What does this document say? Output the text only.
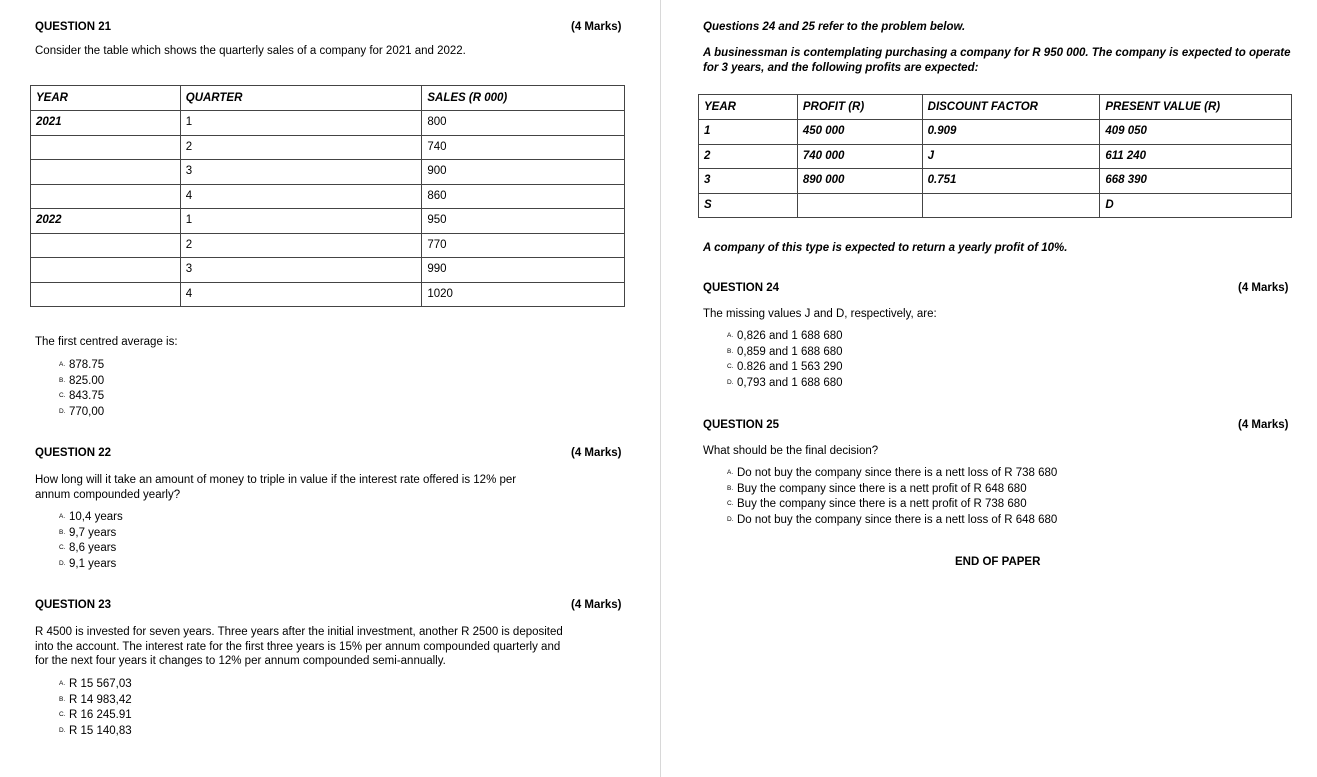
QUESTION 21	(4 Marks)
Consider the table which shows the quarterly sales of a company for 2021 and 2022.
YEAR	QUARTER	SALES (R 000)
2021	1	800
	2	740
	3	900
	4	860
2022	1	950
	2	770
	3	990
	4	1020
The first centred average is:
A. 878.75
B. 825.00
C. 843.75
D. 770,00
QUESTION 22	(4 Marks)
How long will it take an amount of money to triple in value if the interest rate offered is 12% per annum compounded yearly?
A. 10,4 years
B. 9,7 years
C. 8,6 years
D. 9,1 years
QUESTION 23	(4 Marks)
R 4500 is invested for seven years. Three years after the initial investment, another R 2500 is deposited into the account. The interest rate for the first three years is 15% per annum compounded quarterly and for the next four years it changes to 12% per annum compounded semi-annually.
A. R 15 567,03
B. R 14 983,42
C. R 16 245.91
D. R 15 140,83
Questions 24 and 25 refer to the problem below.
A businessman is contemplating purchasing a company for R 950 000. The company is expected to operate for 3 years, and the following profits are expected:
YEAR	PROFIT (R)	DISCOUNT FACTOR	PRESENT VALUE (R)
1	450 000	0.909	409 050
2	740 000	J	611 240
3	890 000	0.751	668 390
S			D
A company of this type is expected to return a yearly profit of 10%.
QUESTION 24	(4 Marks)
The missing values J and D, respectively, are:
A. 0,826 and 1 688 680
B. 0,859 and 1 688 680
C. 0.826 and 1 563 290
D. 0,793 and 1 688 680
QUESTION 25	(4 Marks)
What should be the final decision?
A. Do not buy the company since there is a nett loss of R 738 680
B. Buy the company since there is a nett profit of R 648 680
C. Buy the company since there is a nett profit of R 738 680
D. Do not buy the company since there is a nett loss of R 648 680
END OF PAPER
